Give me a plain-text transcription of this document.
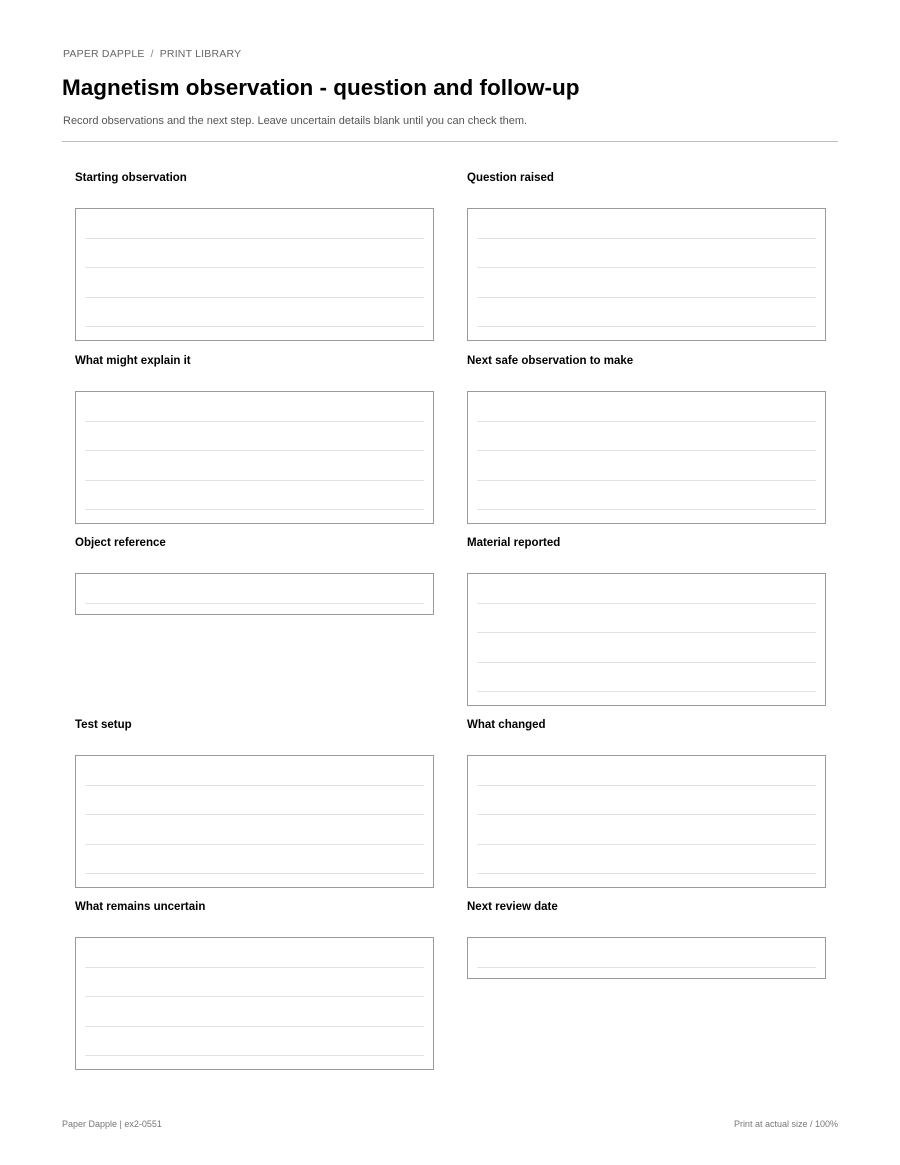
PAPER DAPPLE / PRINT LIBRARY
Magnetism observation - question and follow-up
Record observations and the next step. Leave uncertain details blank until you can check them.
Starting observation	Question raised
What might explain it	Next safe observation to make
Object reference	Material reported
Test setup	What changed
What remains uncertain	Next review date
Paper Dapple | ex2-0551	Print at actual size / 100%
